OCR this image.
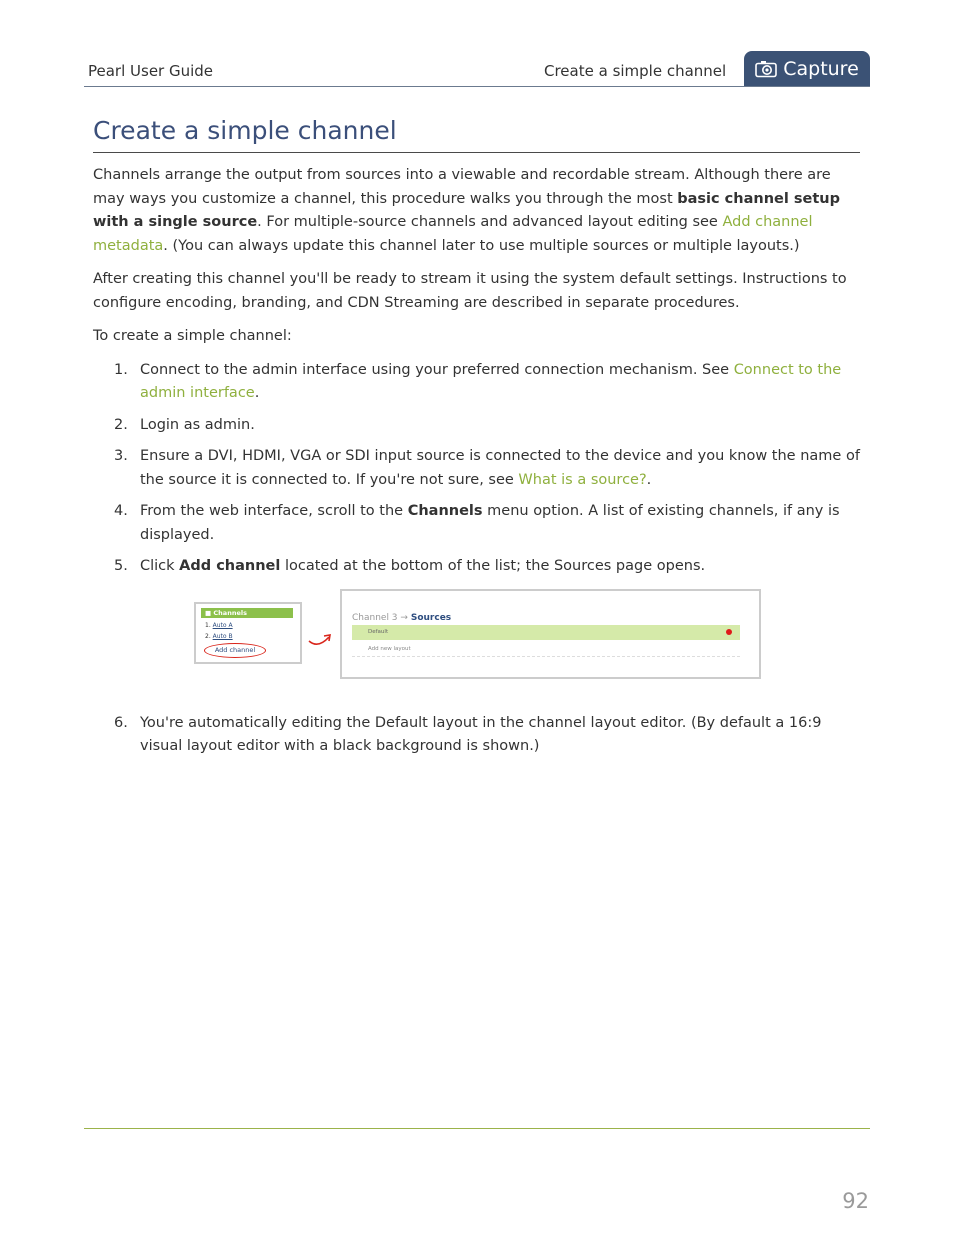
Pearl User Guide	Create a simple channel	Capture
Create a simple channel

Channels arrange the output from sources into a viewable and recordable stream. Although there are may ways you customize a channel, this procedure walks you through the most basic channel setup with a single source. For multiple-source channels and advanced layout editing see Add channel metadata. (You can always update this channel later to use multiple sources or multiple layouts.)

After creating this channel you'll be ready to stream it using the system default settings. Instructions to configure encoding, branding, and CDN Streaming are described in separate procedures.

To create a simple channel:

1. Connect to the admin interface using your preferred connection mechanism. See Connect to the admin interface.
2. Login as admin.
3. Ensure a DVI, HDMI, VGA or SDI input source is connected to the device and you know the name of the source it is connected to. If you're not sure, see What is a source?.
4. From the web interface, scroll to the Channels menu option. A list of existing channels, if any is displayed.
5. Click Add channel located at the bottom of the list; the Sources page opens.
■ Channels
1. Auto A
2. Auto B
Add channel
Channel 3 → Sources
Default
Add new layout
6. You're automatically editing the Default layout in the channel layout editor. (By default a 16:9 visual layout editor with a black background is shown.)
92
